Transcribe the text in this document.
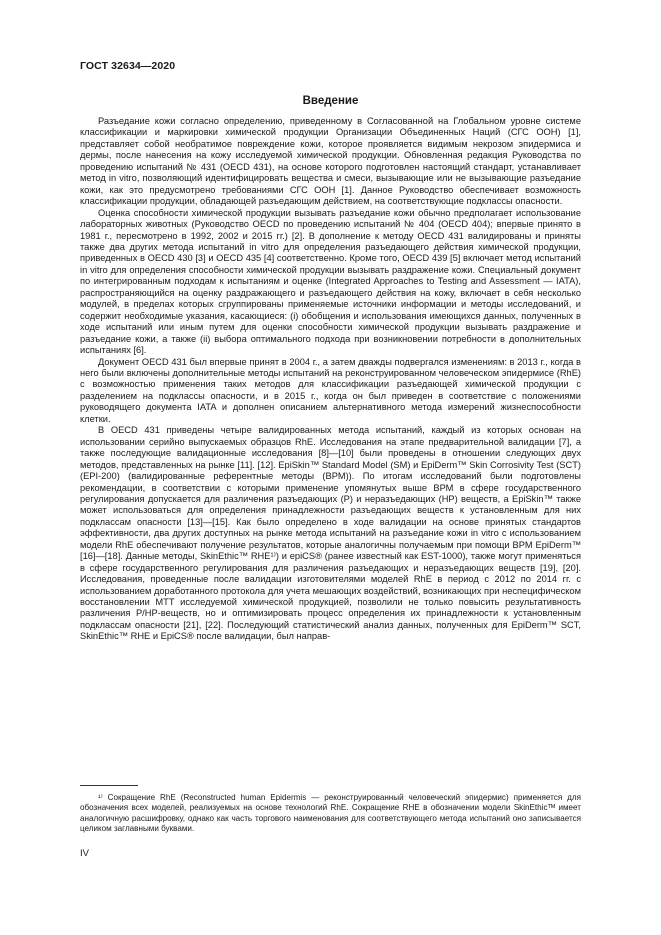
ГОСТ 32634—2020
Введение

Разъедание кожи согласно определению, приведенному в Согласованной на Глобальном уровне системе классификации и маркировки химической продукции Организации Объединенных Наций (СГС ООН) [1], представляет собой необратимое повреждение кожи, которое проявляется видимым некрозом эпидермиса и дермы, после нанесения на кожу исследуемой химической продукции. Обновленная редакция Руководства по проведению испытаний № 431 (OECD 431), на основе которого подготовлен настоящий стандарт, устанавливает метод in vitro, позволяющий идентифицировать вещества и смеси, вызывающие или не вызывающие разъедание кожи, как это предусмотрено требованиями СГС ООН [1]. Данное Руководство обеспечивает возможность классификации продукции, обладающей разъедающим действием, на соответствующие подклассы опасности.

Оценка способности химической продукции вызывать разъедание кожи обычно предполагает использование лабораторных животных (Руководство OECD по проведению испытаний № 404 (OECD 404); впервые принято в 1981 г., пересмотрено в 1992, 2002 и 2015 гг.) [2]. В дополнение к методу OECD 431 валидированы и приняты также два других метода испытаний in vitro для определения разъедающего действия химической продукции, приведенных в OECD 430 [3] и OECD 435 [4] соответственно. Кроме того, OECD 439 [5] включает метод испытаний in vitro для определения способности химической продукции вызывать раздражение кожи. Специальный документ по интегрированным подходам к испытаниям и оценке (Integrated Approaches to Testing and Assessment — IATA), распространяющийся на оценку раздражающего и разъедающего действия на кожу, включает в себя несколько модулей, в пределах которых сгруппированы применяемые источники информации и методы исследований, и содержит необходимые указания, касающиеся: (i) обобщения и использования имеющихся данных, полученных в ходе испытаний или иным путем для оценки способности химической продукции вызывать раздражение и разъедание кожи, а также (ii) выбора оптимального подхода при возникновении потребности в дополнительных испытаниях [6].

Документ OECD 431 был впервые принят в 2004 г., а затем дважды подвергался изменениям: в 2013 г., когда в него были включены дополнительные методы испытаний на реконструированном человеческом эпидермисе (RhE) с возможностью применения таких методов для классификации разъедающей химической продукции с разделением на подклассы опасности, и в 2015 г., когда он был приведен в соответствие с положениями руководящего документа IATA и дополнен описанием альтернативного метода измерений жизнеспособности клетки.

В OECD 431 приведены четыре валидированных метода испытаний, каждый из которых основан на использовании серийно выпускаемых образцов RhE. Исследования на этапе предварительной валидации [7], а также последующие валидационные исследования [8]—[10] были проведены в отношении следующих двух методов, представленных на рынке [11]. [12]. EpiSkin™ Standard Model (SM) и EpiDerm™ Skin Corrosivity Test (SCT) (EPI-200) (валидированные референтные методы (ВРМ)). По итогам исследований были подготовлены рекомендации, в соответствии с которыми применение упомянутых выше ВРМ в сфере государственного регулирования допускается для различения разъедающих (Р) и неразъедающих (НР) веществ, а EpiSkin™ также может использоваться для определения принадлежности разъедающих веществ к установленным для них подклассам опасности [13]—[15]. Как было определено в ходе валидации на основе принятых стандартов эффективности, два других доступных на рынке метода испытаний на разъедание кожи in vitro с использованием модели RhE обеспечивают получение результатов, которые аналогичны получаемым при помощи ВРМ EpiDerm™ [16]—[18]. Данные методы, SkinEthic™ RHE¹⁾) и epiCS® (ранее известный как EST-1000), также могут применяться в сфере государственного регулирования для различения разъедающих и неразъедающих веществ [19], [20]. Исследования, проведенные после валидации изготовителями моделей RhE в период с 2012 по 2014 гг. с использованием доработанного протокола для учета мешающих воздействий, возникающих при неспецифическом восстановлении МТТ исследуемой химической продукцией, позволили не только повысить результативность различения Р/НР-веществ, но и оптимизировать процесс определения их принадлежности к установленным подклассам опасности [21], [22]. Последующий статистический анализ данных, полученных для EpiDerm™ SCT, SkinEthic™ RHE и EpiCS® после валидации, был направ-

¹⁾ Сокращение RhE (Reconstructed human Epidermis — реконструированный человеческий эпидермис) применяется для обозначения всех моделей, реализуемых на основе технологий RhE. Сокращение RHE в обозначении модели SkinEthicᵀᴹ имеет аналогичную расшифровку, однако как часть торгового наименования для соответствующего метода испытаний оно записывается целиком заглавными буквами.

IV
